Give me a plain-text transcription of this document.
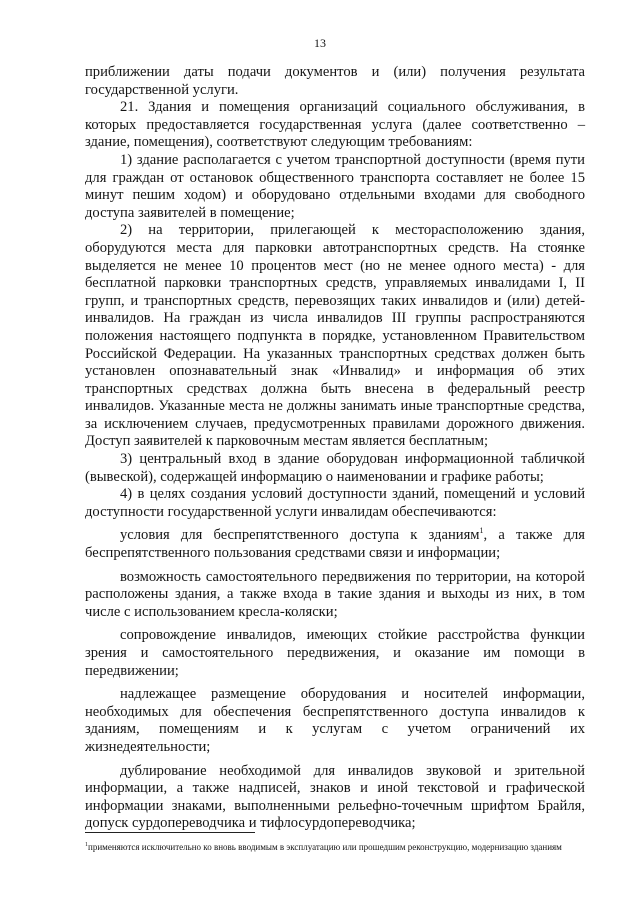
13

приближении даты подачи документов и (или) получения результата государственной услуги.

21. Здания и помещения организаций социального обслуживания, в которых предоставляется государственная услуга (далее соответственно – здание, помещения), соответствуют следующим требованиям:

1) здание располагается с учетом транспортной доступности (время пути для граждан от остановок общественного транспорта составляет не более 15 минут пешим ходом) и оборудовано отдельными входами для свободного доступа заявителей в помещение;

2) на территории, прилегающей к месторасположению здания, оборудуются места для парковки автотранспортных средств. На стоянке выделяется не менее 10 процентов мест (но не менее одного места) - для бесплатной парковки транспортных средств, управляемых инвалидами I, II групп, и транспортных средств, перевозящих таких инвалидов и (или) детей-инвалидов. На граждан из числа инвалидов III группы распространяются положения настоящего подпункта в порядке, установленном Правительством Российской Федерации. На указанных транспортных средствах должен быть установлен опознавательный знак «Инвалид» и информация об этих транспортных средствах должна быть внесена в федеральный реестр инвалидов. Указанные места не должны занимать иные транспортные средства, за исключением случаев, предусмотренных правилами дорожного движения. Доступ заявителей к парковочным местам является бесплатным;

3) центральный вход в здание оборудован информационной табличкой (вывеской), содержащей информацию о наименовании и графике работы;

4) в целях создания условий доступности зданий, помещений и условий доступности государственной услуги инвалидам обеспечиваются:

условия для беспрепятственного доступа к зданиям$^1$, а также для беспрепятственного пользования средствами связи и информации;

возможность самостоятельного передвижения по территории, на которой расположены здания, а также входа в такие здания и выходы из них, в том числе с использованием кресла-коляски;

сопровождение инвалидов, имеющих стойкие расстройства функции зрения и самостоятельного передвижения, и оказание им помощи в передвижении;

надлежащее размещение оборудования и носителей информации, необходимых для обеспечения беспрепятственного доступа инвалидов к зданиям, помещениям и к услугам с учетом ограничений их жизнедеятельности;

дублирование необходимой для инвалидов звуковой и зрительной информации, а также надписей, знаков и иной текстовой и графической информации знаками, выполненными рельефно-точечным шрифтом Брайля, допуск сурдопереводчика и тифлосурдопереводчика;

$^1$применяются исключительно ко вновь вводимым в эксплуатацию или прошедшим реконструкцию, модернизацию зданиям
